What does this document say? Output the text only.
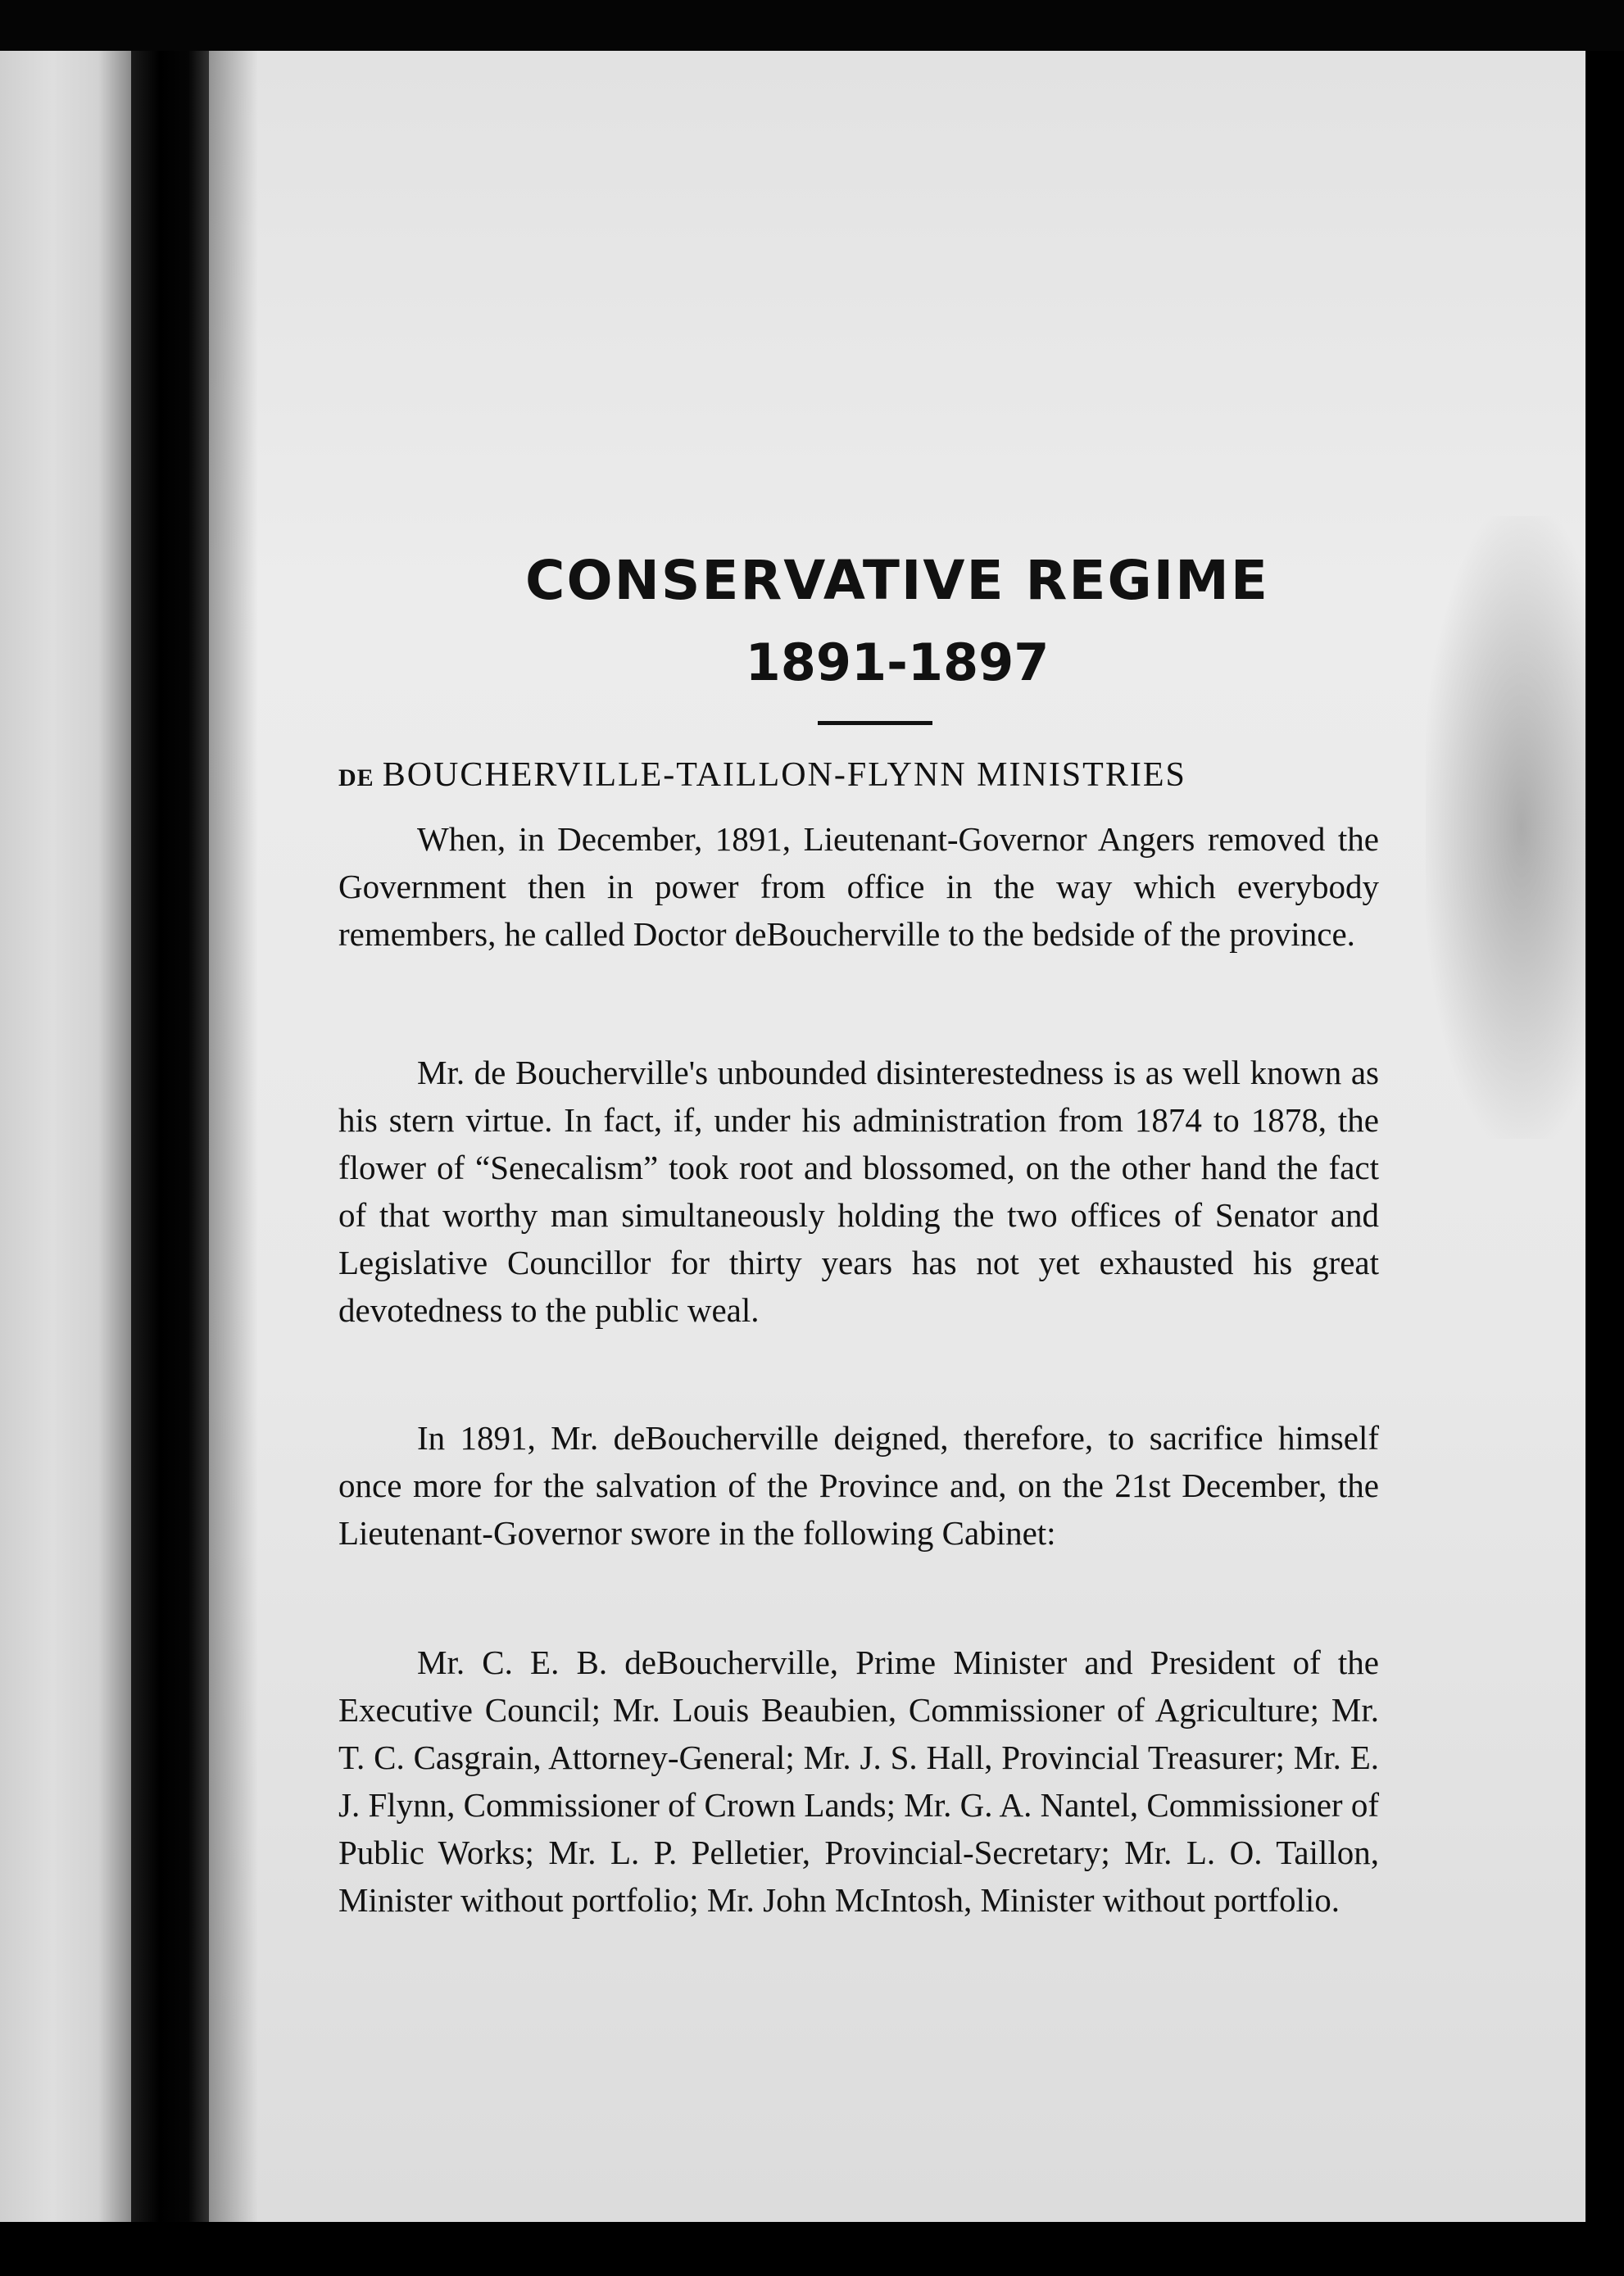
CONSERVATIVE REGIME
1891-1897
DE BOUCHERVILLE-TAILLON-FLYNN MINISTRIES

When, in December, 1891, Lieutenant-Governor Angers removed the Government then in power from office in the way which everybody remembers, he called Doctor deBoucherville to the bedside of the province.

Mr. de Boucherville's unbounded disinterestedness is as well known as his stern virtue. In fact, if, under his administration from 1874 to 1878, the flower of “Senecalism” took root and blossomed, on the other hand the fact of that worthy man simultaneously holding the two offices of Senator and Legislative Councillor for thirty years has not yet exhausted his great devotedness to the public weal.

In 1891, Mr. deBoucherville deigned, therefore, to sacrifice himself once more for the salvation of the Province and, on the 21st December, the Lieutenant-Governor swore in the following Cabinet:

Mr. C. E. B. deBoucherville, Prime Minister and President of the Executive Council; Mr. Louis Beaubien, Commissioner of Agriculture; Mr. T. C. Casgrain, Attorney-General; Mr. J. S. Hall, Provincial Treasurer; Mr. E. J. Flynn, Commissioner of Crown Lands; Mr. G. A. Nantel, Commissioner of Public Works; Mr. L. P. Pelletier, Provincial-Secretary; Mr. L. O. Taillon, Minister without portfolio; Mr. John McIntosh, Minister without portfolio.
